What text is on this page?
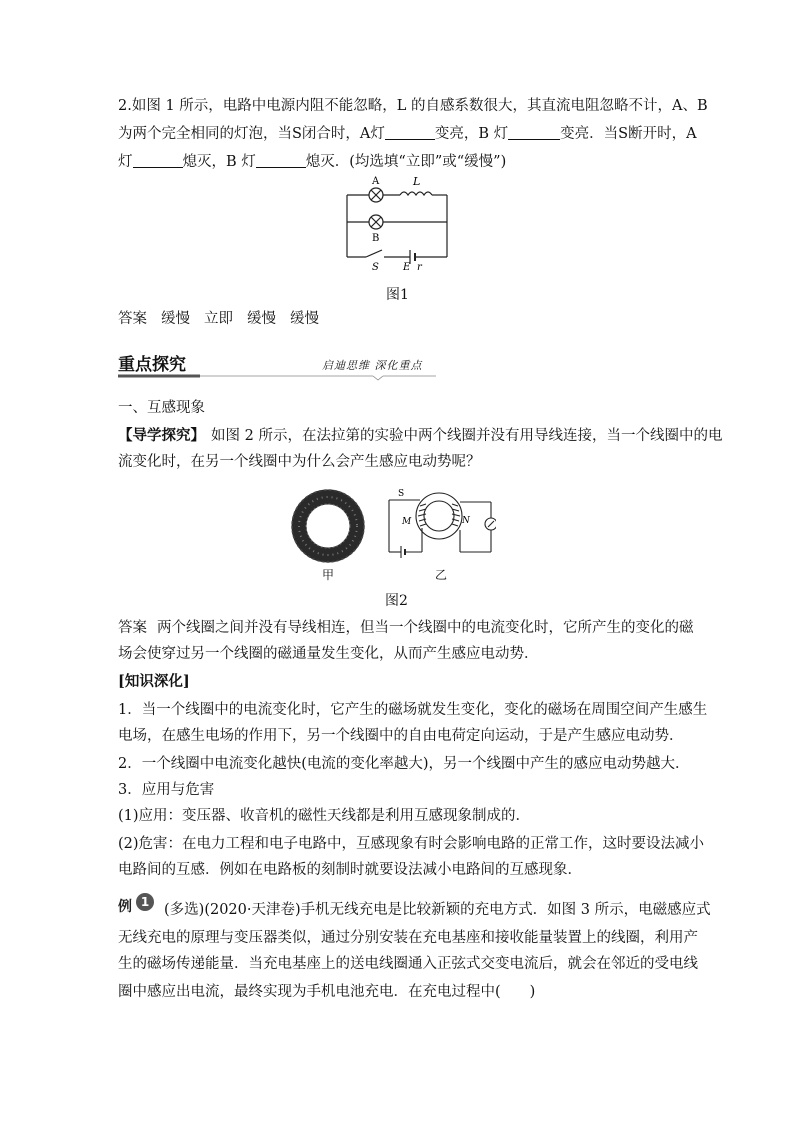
2.如图 1 所示，电路中电源内阻不能忽略，L 的自感系数很大，其直流电阻忽略不计，A、B
为两个完全相同的灯泡，当S闭合时，A灯	变亮，B 灯	变亮．当S断开时，A
灯	熄灭，B 灯	熄灭．(均选填“立即”或“缓慢”)
A	L
B
S E r
图1
答案 缓慢 立即 缓慢 缓慢
重点探究	启迪思维 深化重点
一、互感现象
【导学探究】 如图 2 所示，在法拉第的实验中两个线圈并没有用导线连接，当一个线圈中的电
流变化时，在另一个线圈中为什么会产生感应电动势呢？
甲
S
M	N
乙
图2
答案 两个线圈之间并没有导线相连，但当一个线圈中的电流变化时，它所产生的变化的磁
场会使穿过另一个线圈的磁通量发生变化，从而产生感应电动势．
[知识深化]
1．当一个线圈中的电流变化时，它产生的磁场就发生变化，变化的磁场在周围空间产生感生
电场，在感生电场的作用下，另一个线圈中的自由电荷定向运动，于是产生感应电动势．
2．一个线圈中电流变化越快(电流的变化率越大)，另一个线圈中产生的感应电动势越大．
3．应用与危害
(1)应用：变压器、收音机的磁性天线都是利用互感现象制成的．
(2)危害：在电力工程和电子电路中，互感现象有时会影响电路的正常工作，这时要设法减小
电路间的互感．例如在电路板的刻制时就要设法减小电路间的互感现象．
例 1	(多选)(2020·天津卷)手机无线充电是比较新颖的充电方式．如图 3 所示，电磁感应式
无线充电的原理与变压器类似，通过分别安装在充电基座和接收能量装置上的线圈，利用产
生的磁场传递能量．当充电基座上的送电线圈通入正弦式交变电流后，就会在邻近的受电线
圈中感应出电流，最终实现为手机电池充电．在充电过程中(　　)
